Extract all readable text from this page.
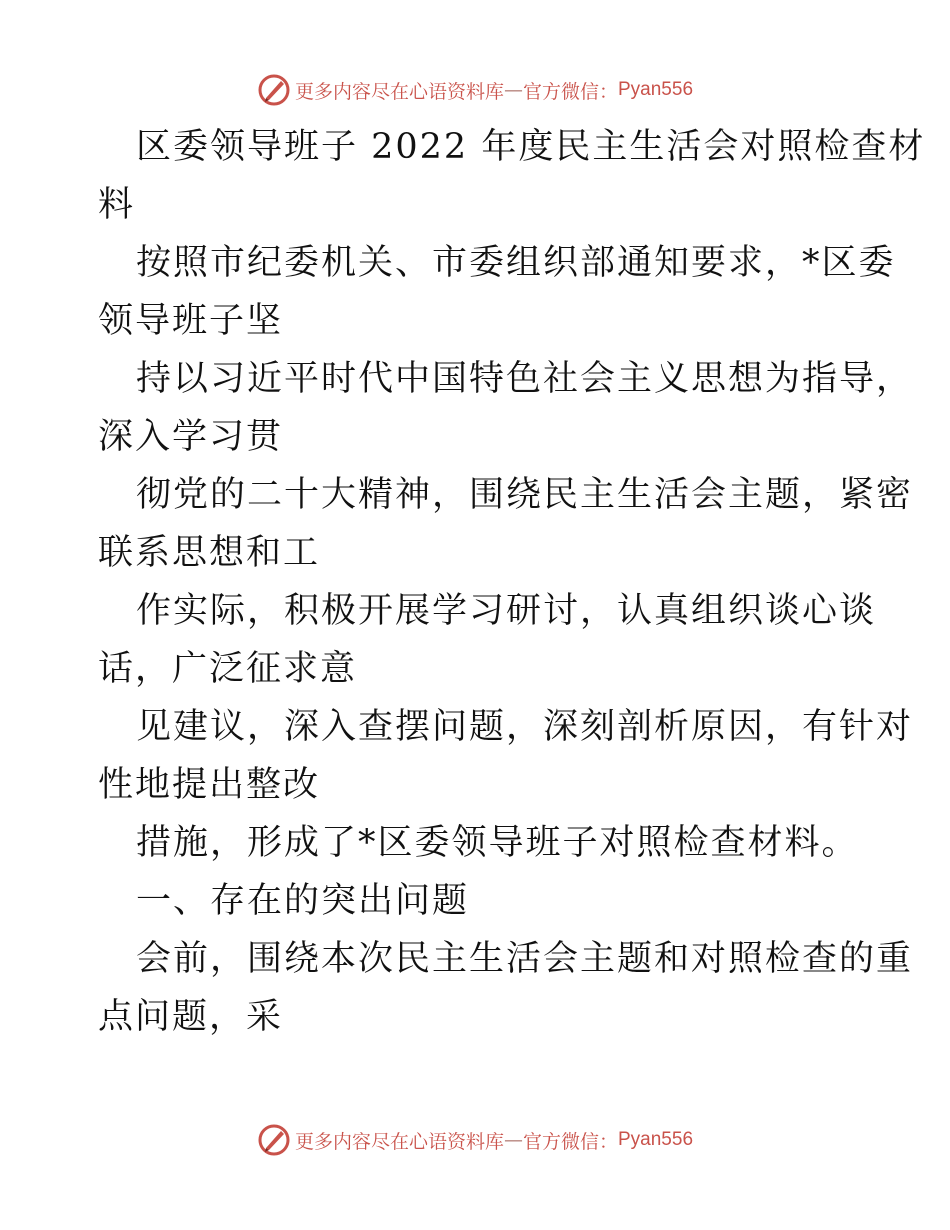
更多内容尽在心语资料库 — 官方微信： Pyan556
区委领导班子 2022 年度民主生活会对照检查材
料
按照市纪委机关、市委组织部通知要求，*区委
领导班子坚
持以习近平时代中国特色社会主义思想为指导，
深入学习贯
彻党的二十大精神，围绕民主生活会主题，紧密
联系思想和工
作实际，积极开展学习研讨，认真组织谈心谈
话，广泛征求意
见建议，深入查摆问题，深刻剖析原因，有针对
性地提出整改
措施，形成了*区委领导班子对照检查材料。
一、存在的突出问题
会前，围绕本次民主生活会主题和对照检查的重
点问题，采
更多内容尽在心语资料库 — 官方微信： Pyan556
